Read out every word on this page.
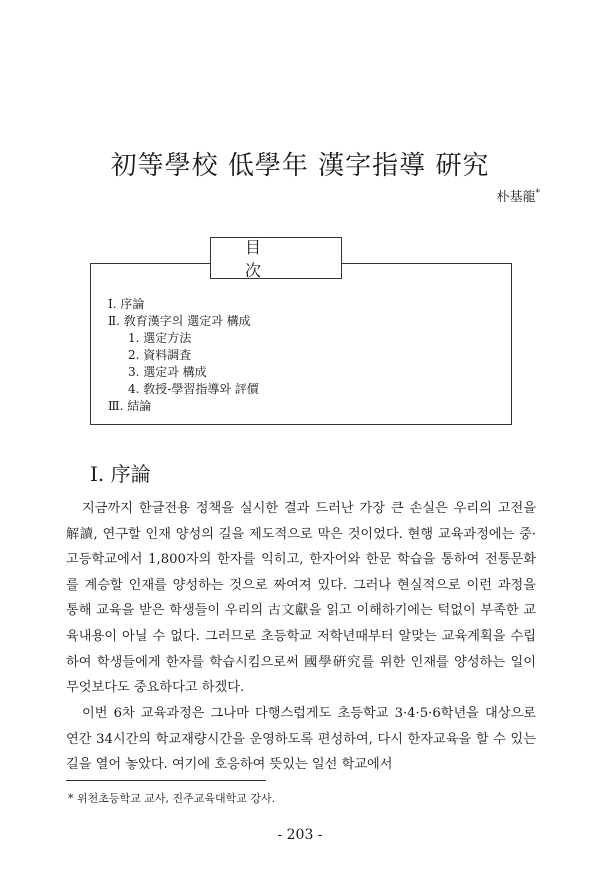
初等學校 低學年 漢字指導 硏究
朴基龍*
目次
Ⅰ. 序論
Ⅱ. 敎育漢字의 選定과 構成
1. 選定方法
2. 資料調査
3. 選定과 構成
4. 敎授-學習指導와 評價
Ⅲ. 結論
Ⅰ. 序論

지금까지 한글전용 정책을 실시한 결과 드러난 가장 큰 손실은 우리의 고전을 解讀, 연구할 인재 양성의 길을 제도적으로 막은 것이었다. 현행 교육과정에는 중·고등학교에서 1,800자의 한자를 익히고, 한자어와 한문 학습을 통하여 전통문화를 계승할 인재를 양성하는 것으로 짜여져 있다. 그러나 현실적으로 이런 과정을 통해 교육을 받은 학생들이 우리의 古文獻을 읽고 이해하기에는 턱없이 부족한 교육내용이 아닐 수 없다. 그러므로 초등학교 저학년때부터 알맞는 교육계획을 수립하여 학생들에게 한자를 학습시킴으로써 國學硏究를 위한 인재를 양성하는 일이 무엇보다도 중요하다고 하겠다.

이번 6차 교육과정은 그나마 다행스럽게도 초등학교 3·4·5·6학년을 대상으로 연간 34시간의 학교재량시간을 운영하도록 편성하여, 다시 한자교육을 할 수 있는 길을 열어 놓았다. 여기에 호응하여 뜻있는 일선 학교에서

* 위천초등학교 교사, 진주교육대학교 강사.
- 203 -
